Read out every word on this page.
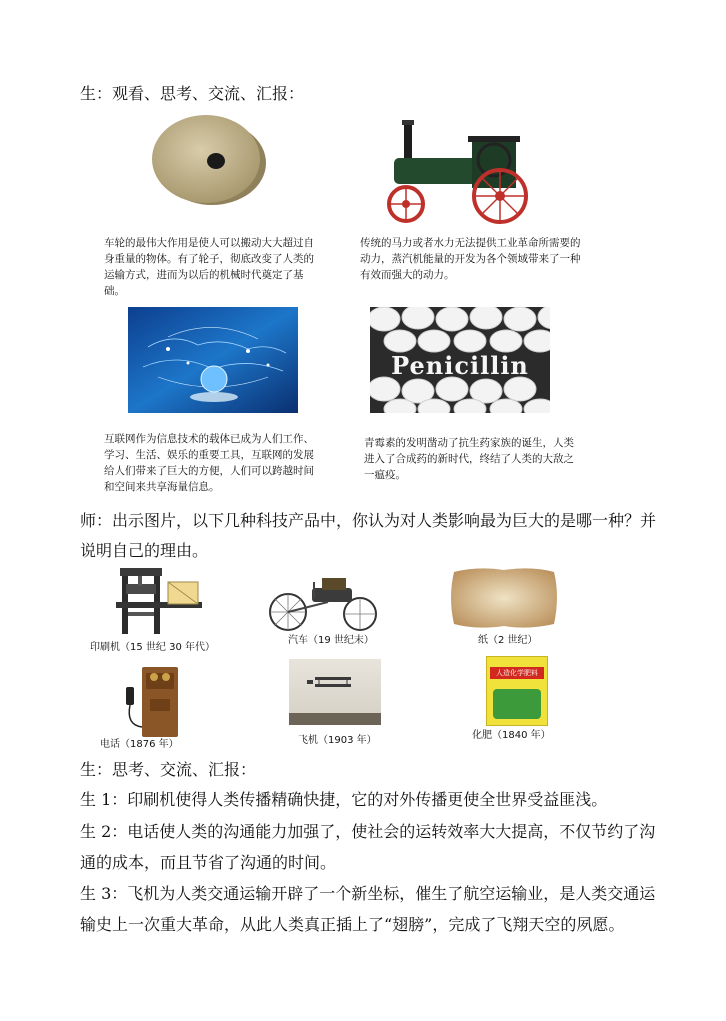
生：观看、思考、交流、汇报：
车轮的最伟大作用是使人可以搬动大大超过自身重量的物体。有了轮子，彻底改变了人类的运输方式，进而为以后的机械时代奠定了基础。
传统的马力或者水力无法提供工业革命所需要的动力，蒸汽机能量的开发为各个领域带来了一种有效而强大的动力。
互联网作为信息技术的载体已成为人们工作、学习、生活、娱乐的重要工具，互联网的发展给人们带来了巨大的方便，人们可以跨越时间和空间来共享海量信息。
Penicillin
青霉素的发明凿动了抗生药家族的诞生，人类进入了合成药的新时代，终结了人类的大敌之一瘟疫。
师：出示图片，以下几种科技产品中，你认为对人类影响最为巨大的是哪一种？并
说明自己的理由。
印刷机（15 世纪 30 年代）
汽车（19 世纪末）	纸（2 世纪）
电话（1876 年）	飞机（1903 年）
人造化学肥料
化肥（1840 年）
生：思考、交流、汇报：
生 1：印刷机使得人类传播精确快捷，它的对外传播更使全世界受益匪浅。
生 2：电话使人类的沟通能力加强了，使社会的运转效率大大提高，不仅节约了沟
通的成本，而且节省了沟通的时间。
生 3：飞机为人类交通运输开辟了一个新坐标，催生了航空运输业，是人类交通运
输史上一次重大革命，从此人类真正插上了“翅膀”，完成了飞翔天空的夙愿。
